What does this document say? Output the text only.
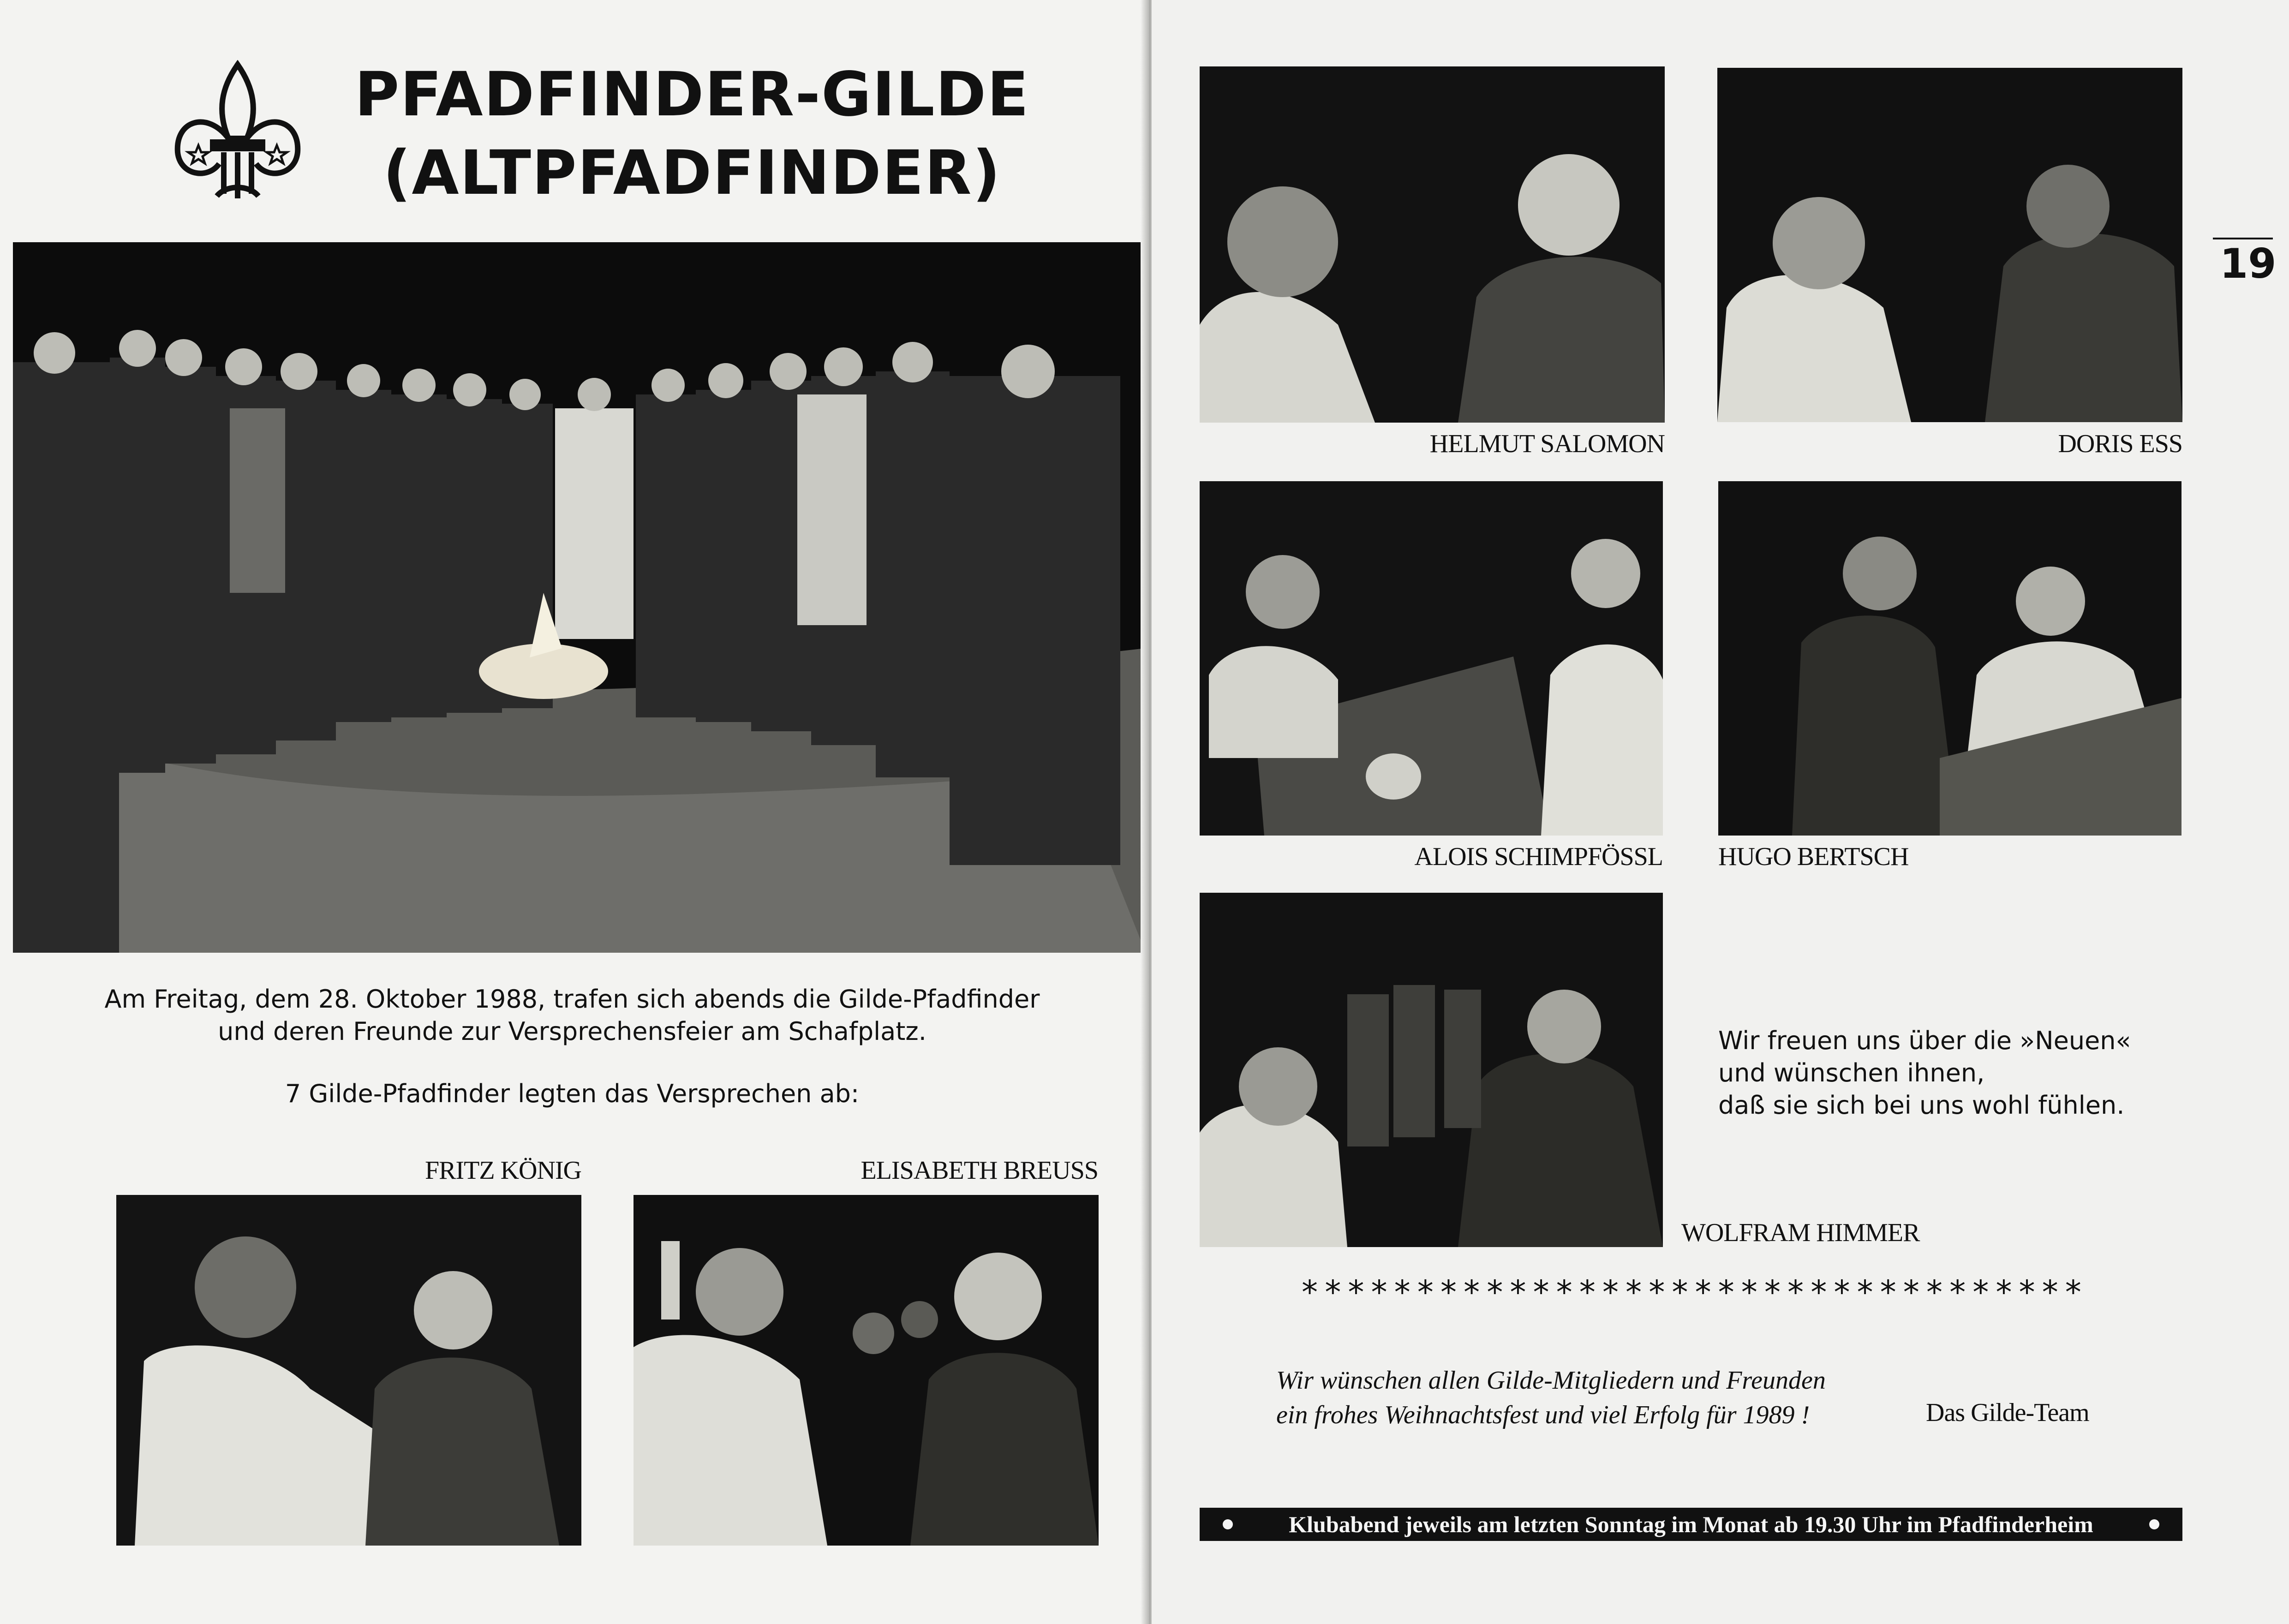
PFADFINDER-GILDE
(ALTPFADFINDER)
Am Freitag, dem 28. Oktober 1988, trafen sich abends die Gilde-Pfadfinder
und deren Freunde zur Versprechensfeier am Schafplatz.
7 Gilde-Pfadfinder legten das Versprechen ab:
FRITZ KÖNIG	ELISABETH BREUSS
19
HELMUT SALOMON	DORIS ESS
ALOIS SCHIMPFÖSSL HUGO BERTSCH
WOLFRAM HIMMER
Wir freuen uns über die »Neuen«
und wünschen ihnen,
daß sie sich bei uns wohl fühlen.
**********************************
Wir wünschen allen Gilde-Mitgliedern und Freunden
ein frohes Weihnachtsfest und viel Erfolg für 1989 !	Das Gilde-Team
Klubabend jeweils am letzten Sonntag im Monat ab 19.30 Uhr im Pfadfinderheim
